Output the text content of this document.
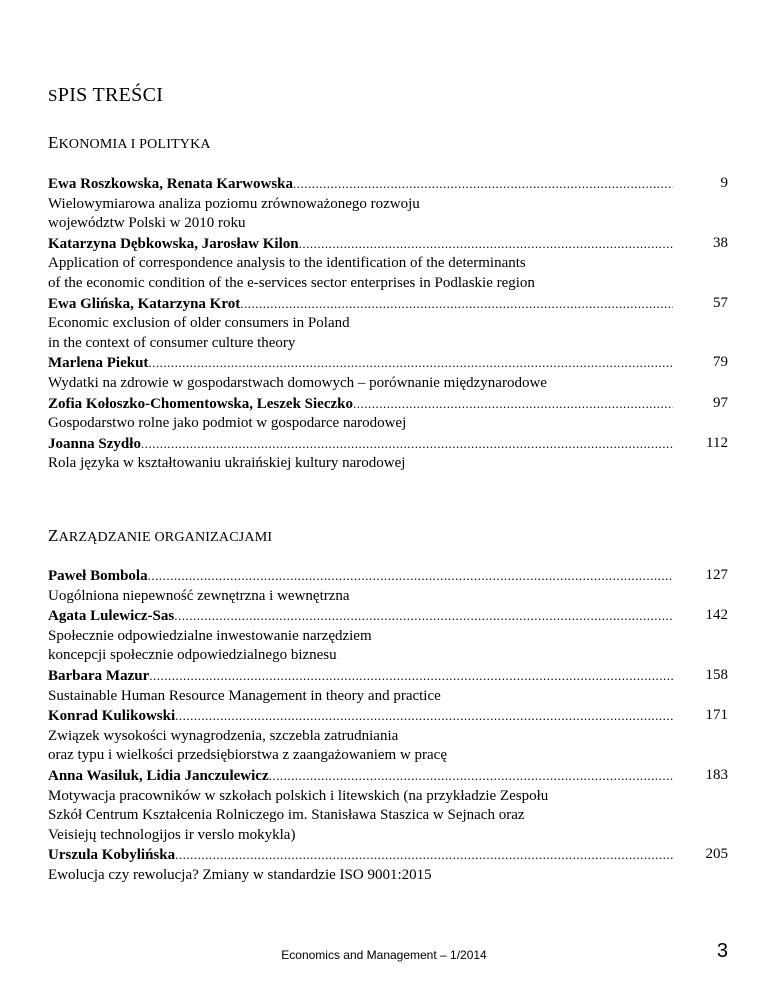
SPIS TREŚCI
EKONOMIA I POLITYKA
Ewa Roszkowska, Renata Karwowska .....	9
Wielowymiarowa analiza poziomu zrównoważonego rozwoju
województw Polski w 2010 roku
Katarzyna Dębkowska, Jarosław Kilon .....	38
Application of correspondence analysis to the identification of the determinants
of the economic condition of the e-services sector enterprises in Podlaskie region
Ewa Glińska, Katarzyna Krot .....	57
Economic exclusion of older consumers in Poland
in the context of consumer culture theory
Marlena Piekut .....	79
Wydatki na zdrowie w gospodarstwach domowych – porównanie międzynarodowe
Zofia Kołoszko-Chomentowska, Leszek Sieczko .....	97
Gospodarstwo rolne jako podmiot w gospodarce narodowej
Joanna Szydło .....	112
Rola języka w kształtowaniu ukraińskiej kultury narodowej
ZARZĄDZANIE ORGANIZACJAMI
Paweł Bombola .....	127
Uogólniona niepewność zewnętrzna i wewnętrzna
Agata Lulewicz-Sas .....	142
Społecznie odpowiedzialne inwestowanie narzędziem
koncepcji społecznie odpowiedzialnego biznesu
Barbara Mazur .....	158
Sustainable Human Resource Management in theory and practice
Konrad Kulikowski .....	171
Związek wysokości wynagrodzenia, szczebla zatrudniania
oraz typu i wielkości przedsiębiorstwa z zaangażowaniem w pracę
Anna Wasiluk, Lidia Janczulewicz .....	183
Motywacja pracowników w szkołach polskich i litewskich (na przykładzie Zespołu
Szkół Centrum Kształcenia Rolniczego im. Stanisława Staszica w Sejnach oraz
Veisiejų technologijos ir verslo mokykla)
Urszula Kobylińska .....	205
Ewolucja czy rewolucja? Zmiany w standardzie ISO 9001:2015
Economics and Management – 1/2014	3
